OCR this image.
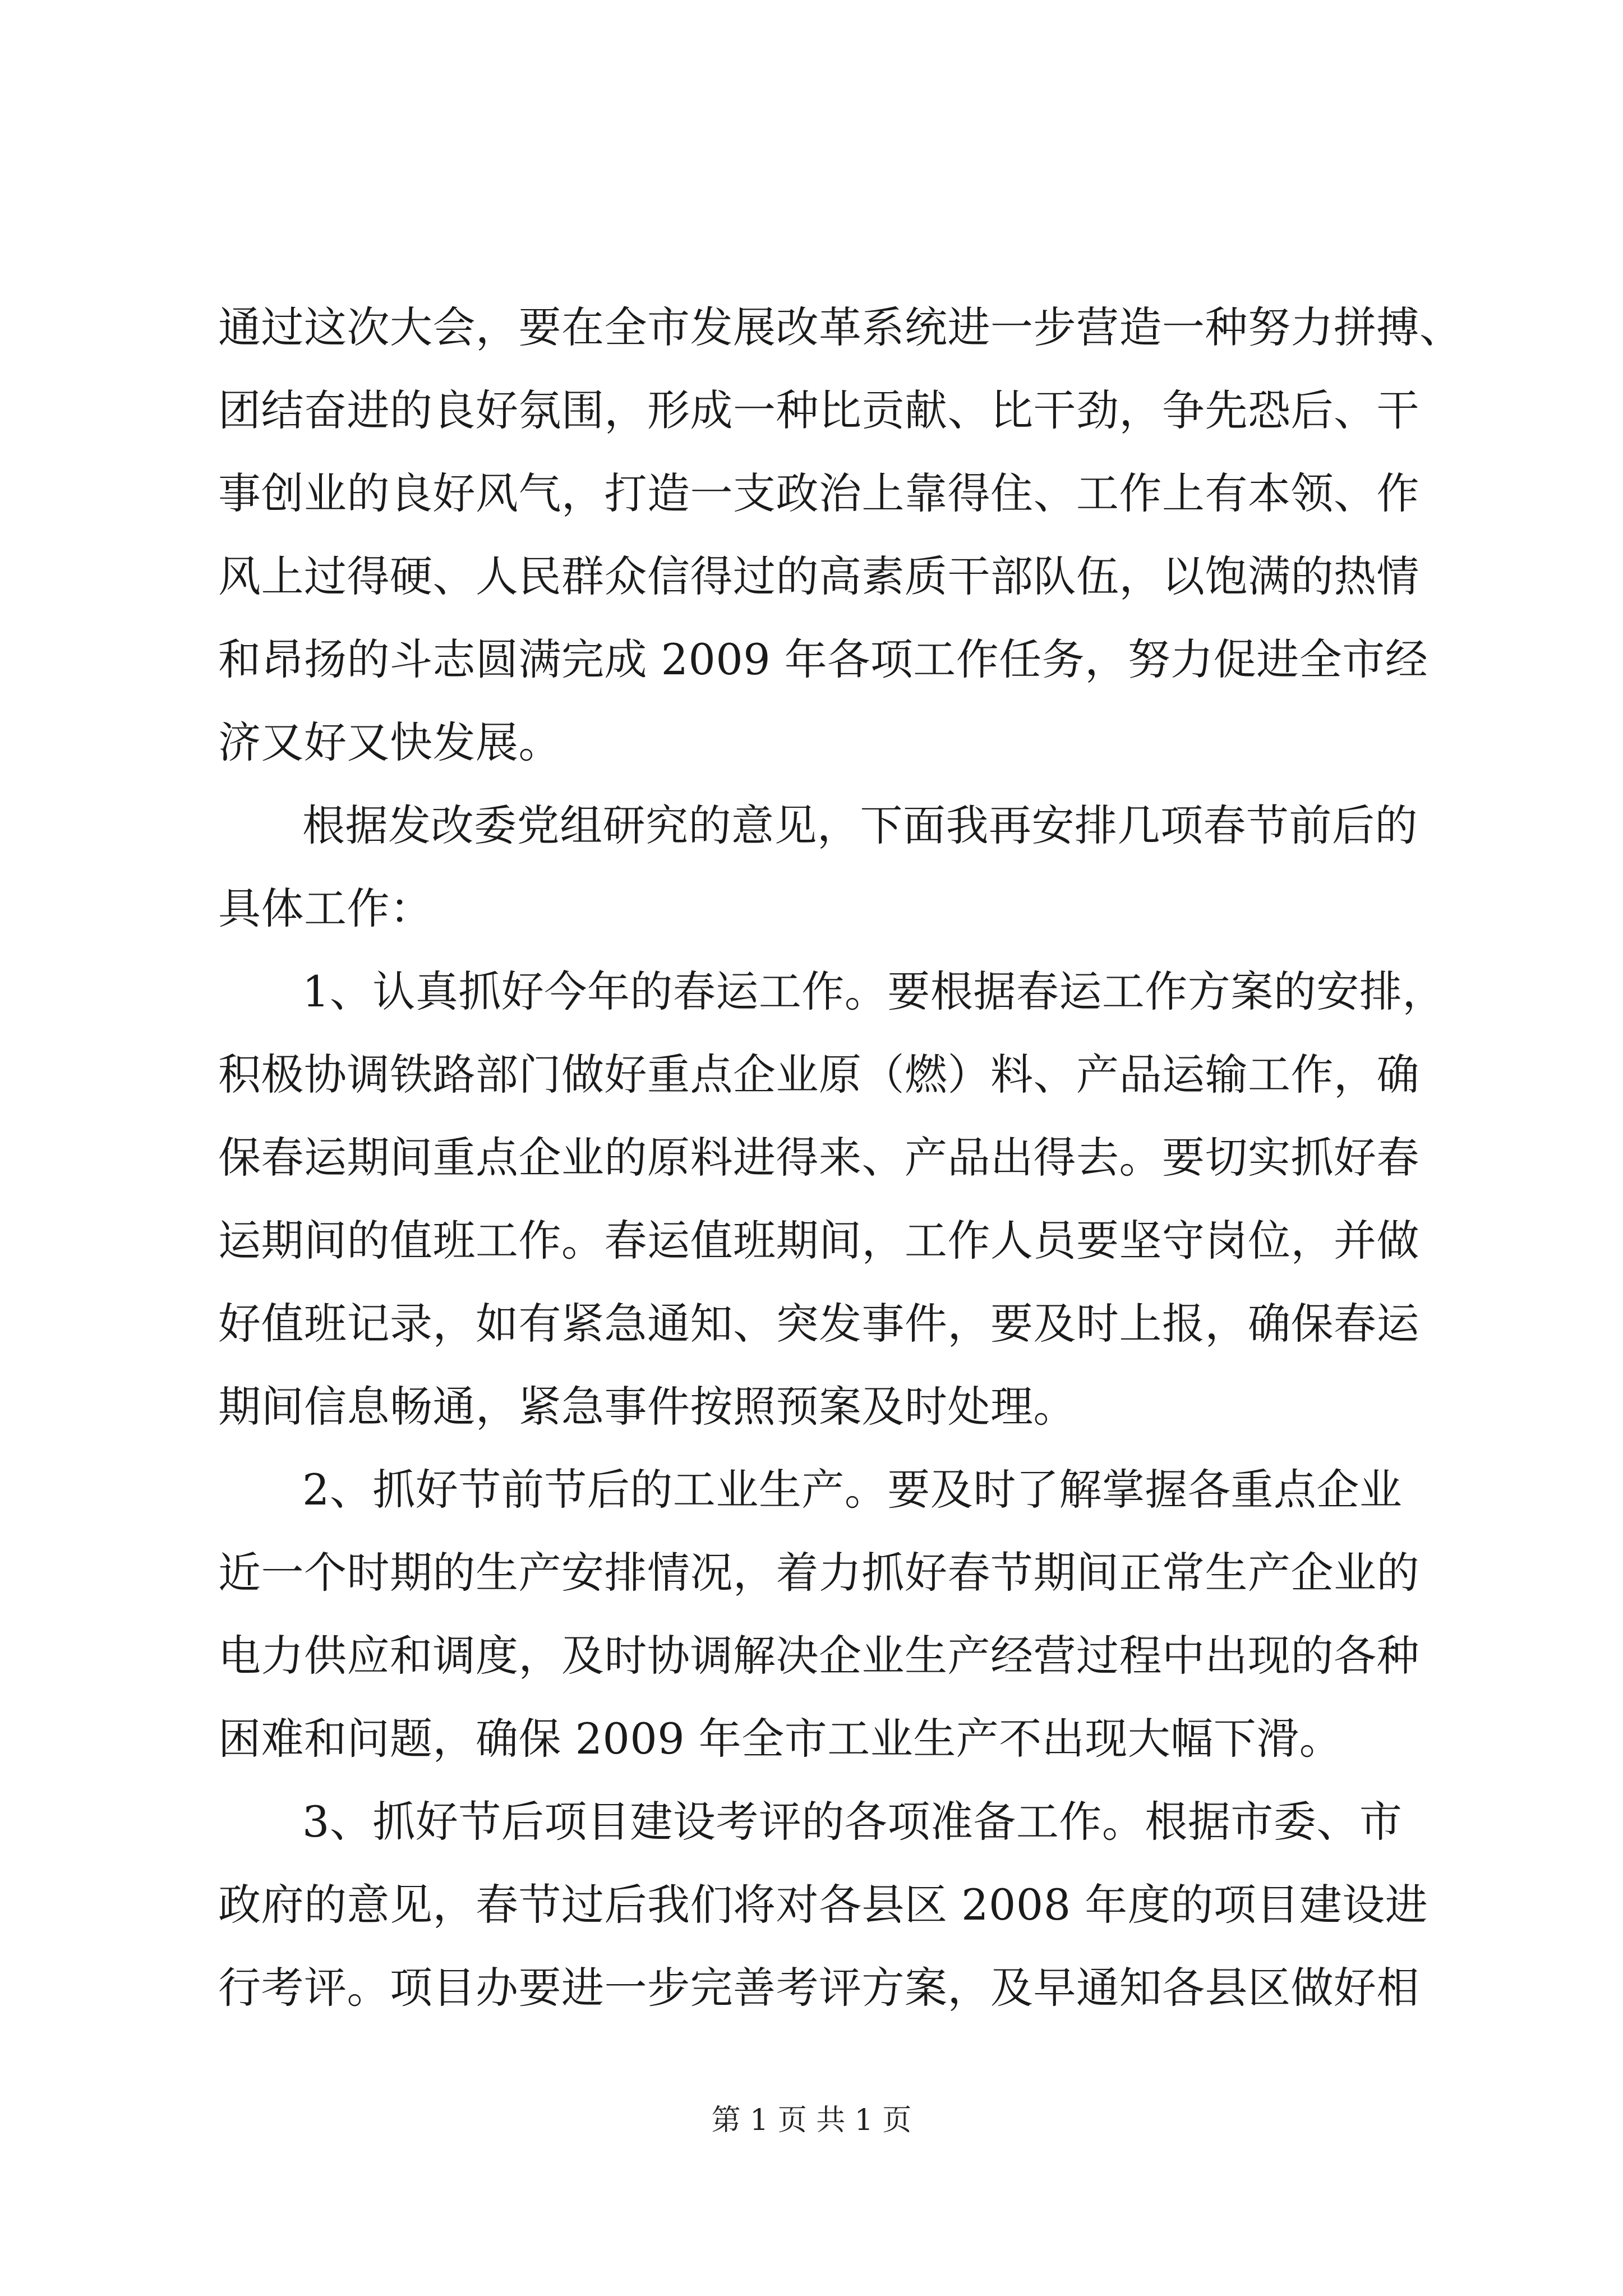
通过这次大会，要在全市发展改革系统进一步营造一种努力拼搏、
团结奋进的良好氛围，形成一种比贡献、比干劲，争先恐后、干
事创业的良好风气，打造一支政治上靠得住、工作上有本领、作
风上过得硬、人民群众信得过的高素质干部队伍，以饱满的热情
和昂扬的斗志圆满完成 2009 年各项工作任务，努力促进全市经
济又好又快发展。
根据发改委党组研究的意见，下面我再安排几项春节前后的
具体工作：
1、认真抓好今年的春运工作。要根据春运工作方案的安排，
积极协调铁路部门做好重点企业原（燃）料、产品运输工作，确
保春运期间重点企业的原料进得来、产品出得去。要切实抓好春
运期间的值班工作。春运值班期间，工作人员要坚守岗位，并做
好值班记录，如有紧急通知、突发事件，要及时上报，确保春运
期间信息畅通，紧急事件按照预案及时处理。
2、抓好节前节后的工业生产。要及时了解掌握各重点企业
近一个时期的生产安排情况，着力抓好春节期间正常生产企业的
电力供应和调度，及时协调解决企业生产经营过程中出现的各种
困难和问题，确保 2009 年全市工业生产不出现大幅下滑。
3、抓好节后项目建设考评的各项准备工作。根据市委、市
政府的意见，春节过后我们将对各县区 2008 年度的项目建设进
行考评。项目办要进一步完善考评方案，及早通知各县区做好相
第 1 页 共 1 页
